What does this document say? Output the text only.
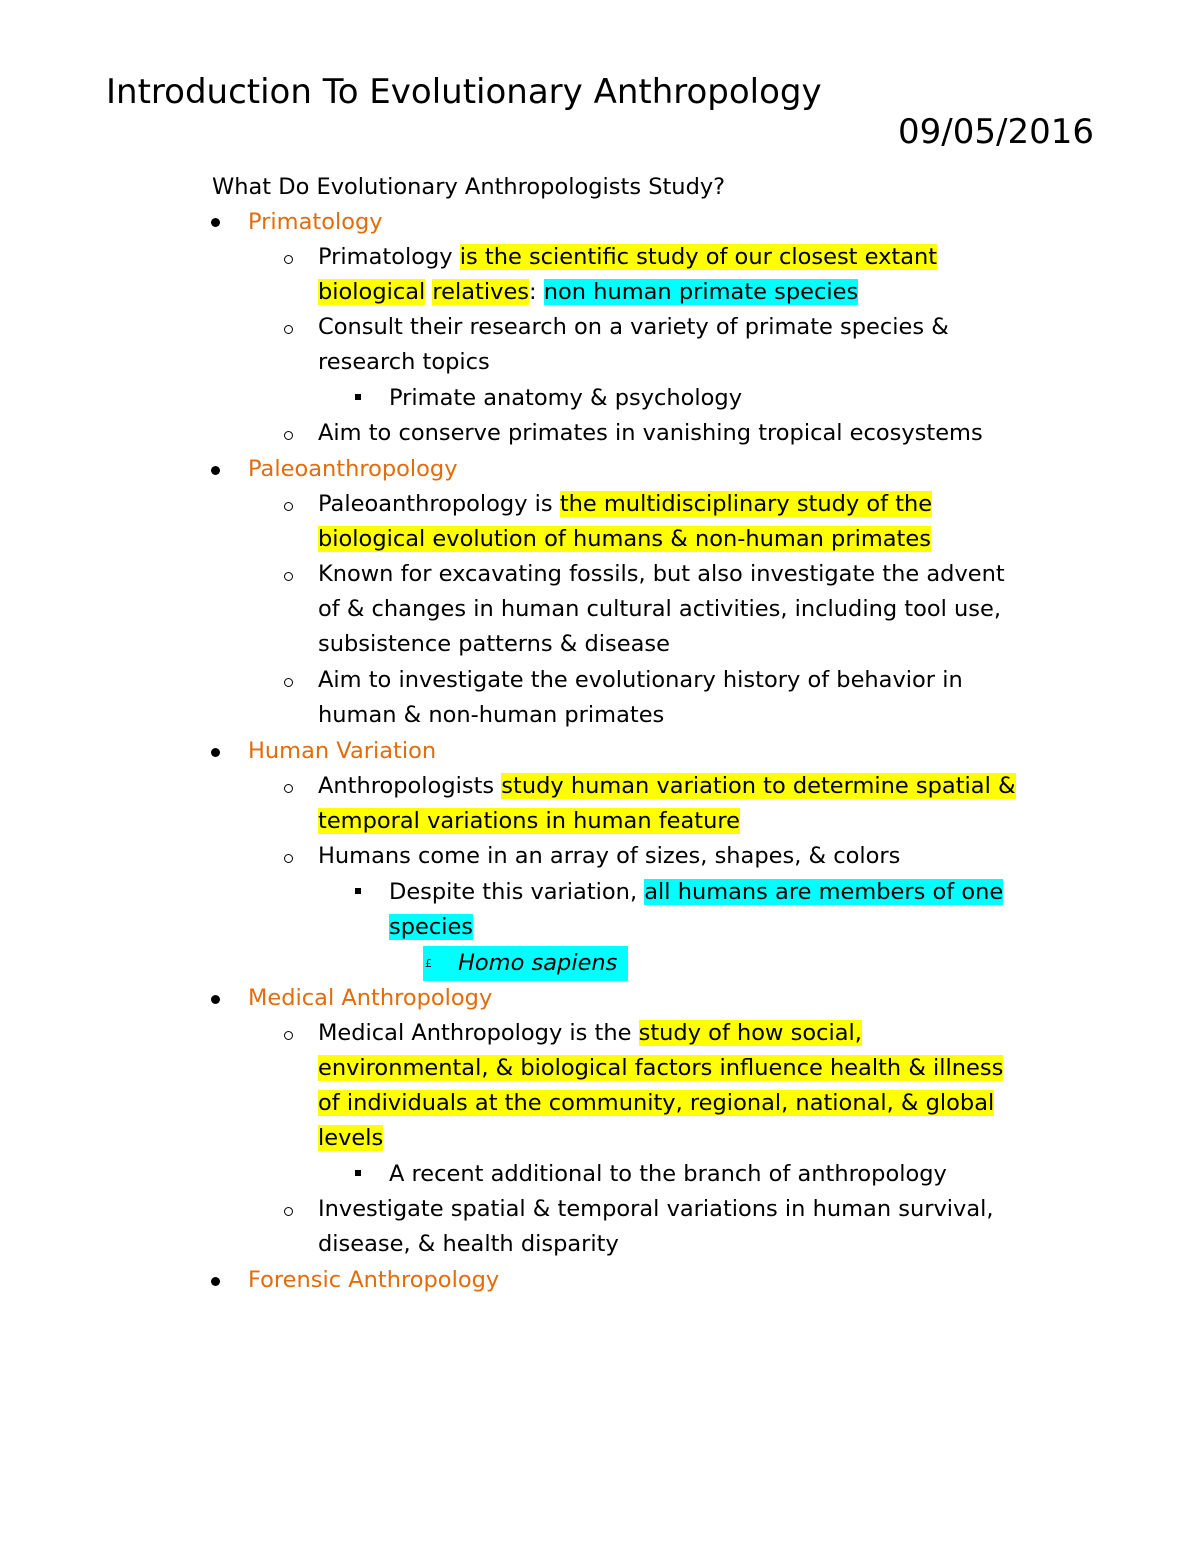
Introduction To Evolutionary Anthropology
09/05/2016
What Do Evolutionary Anthropologists Study?
Primatology
Primatology is the scientific study of our closest extant
biological relatives: non human primate species
Consult their research on a variety of primate species &
research topics
Primate anatomy & psychology
Aim to conserve primates in vanishing tropical ecosystems
Paleoanthropology
Paleoanthropology is the multidisciplinary study of the
biological evolution of humans & non-human primates
Known for excavating fossils, but also investigate the advent
of & changes in human cultural activities, including tool use,
subsistence patterns & disease
Aim to investigate the evolutionary history of behavior in
human & non-human primates
Human Variation
Anthropologists study human variation to determine spatial &
temporal variations in human feature
Humans come in an array of sizes, shapes, & colors
Despite this variation, all humans are members of one
species
£ Homo sapiens
Medical Anthropology
Medical Anthropology is the study of how social,
environmental, & biological factors influence health & illness
of individuals at the community, regional, national, & global
levels
A recent additional to the branch of anthropology
Investigate spatial & temporal variations in human survival,
disease, & health disparity
Forensic Anthropology
